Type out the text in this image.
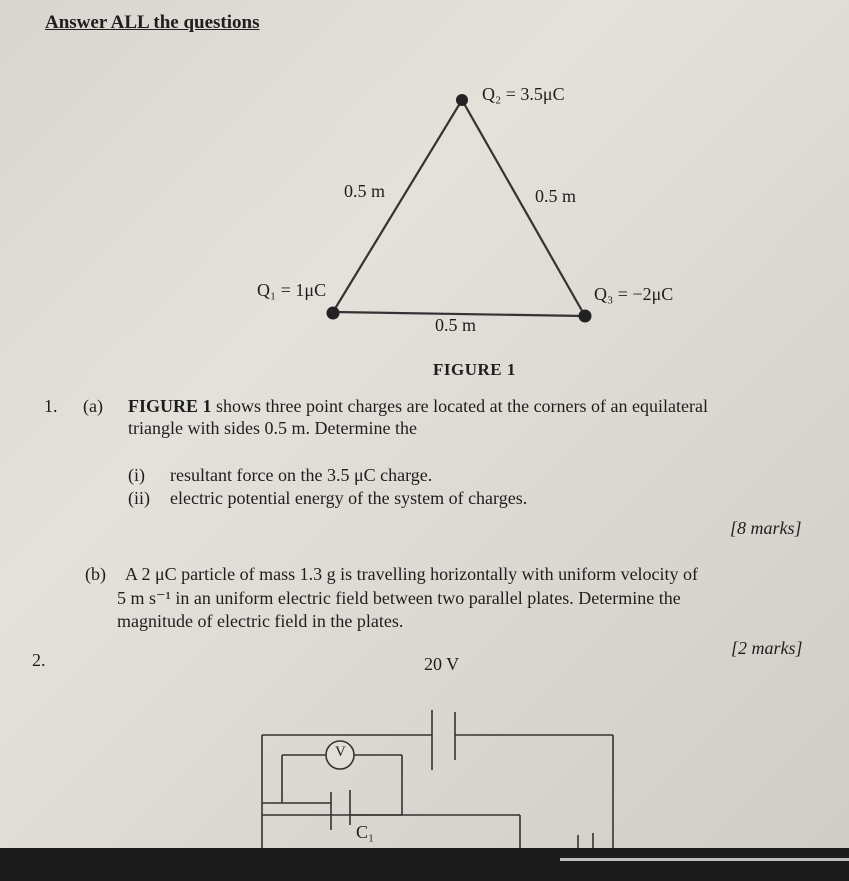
Answer ALL the questions
Q₂ = 3.5μC
0.5 m	0.5 m
Q₁ = 1μC	Q₃ = −2μC
0.5 m
FIGURE 1
1. (a) FIGURE 1 shows three point charges are located at the corners of an equilateral
triangle with sides 0.5 m. Determine the
(i) resultant force on the 3.5 μC charge.
(ii) electric potential energy of the system of charges.
[8 marks]
(b) A 2 μC particle of mass 1.3 g is travelling horizontally with uniform velocity of
5 m s⁻¹ in an uniform electric field between two parallel plates. Determine the
magnitude of electric field in the plates.
[2 marks]
2.	20 V
V
C₁
